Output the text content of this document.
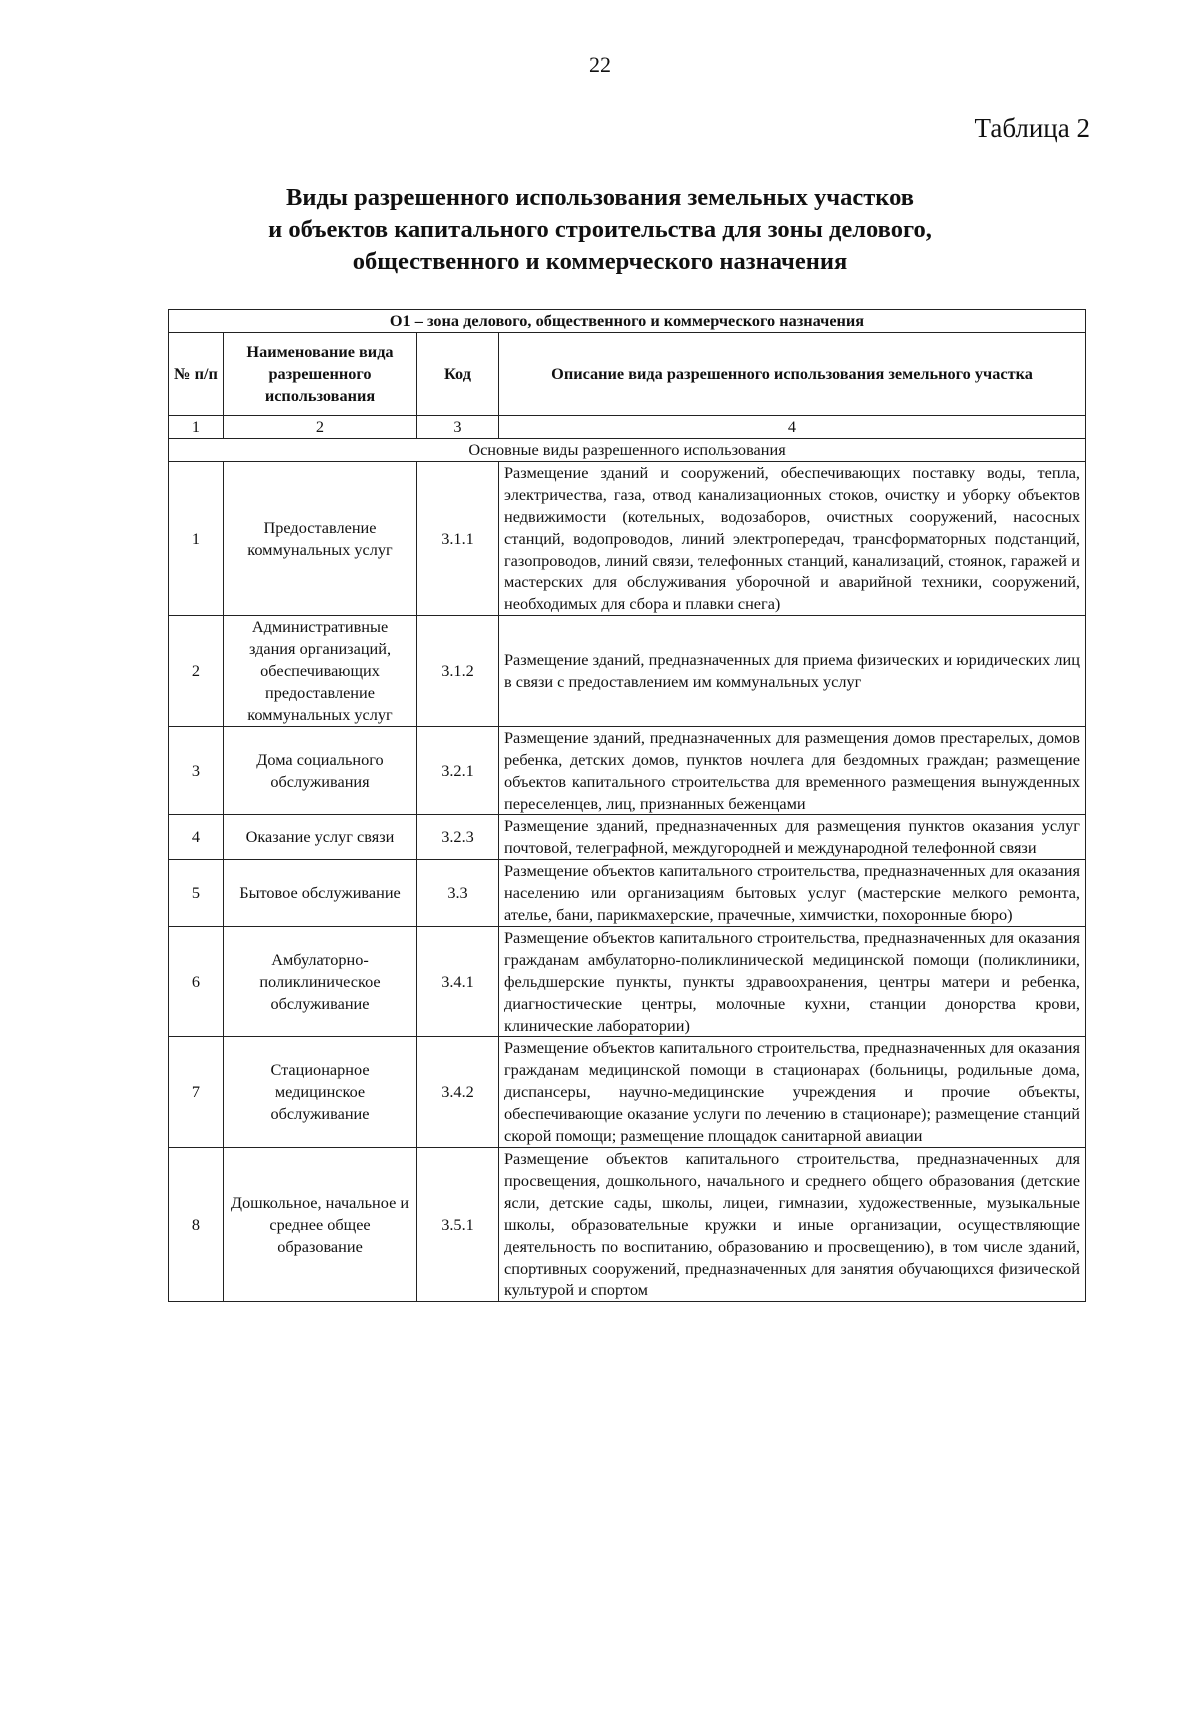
22
Таблица 2
Виды разрешенного использования земельных участков
и объектов капитального строительства для зоны делового,
общественного и коммерческого назначения
О1 – зона делового, общественного и коммерческого назначения			
№ п/п	Наименование вида разрешенного использования	Код	Описание вида разрешенного использования земельного участка
1	2	3	4
Основные виды разрешенного использования			
1	Предоставление коммунальных услуг	3.1.1	Размещение зданий и сооружений, обеспечивающих поставку воды, тепла, электричества, газа, отвод канализационных стоков, очистку и уборку объектов недвижимости (котельных, водозаборов, очистных сооружений, насосных станций, водопроводов, линий электропередач, трансформаторных подстанций, газопроводов, линий связи, телефонных станций, канализаций, стоянок, гаражей и мастерских для обслуживания уборочной и аварийной техники, сооружений, необходимых для сбора и плавки снега)
2	Административные здания организаций, обеспечивающих предоставление коммунальных услуг	3.1.2	Размещение зданий, предназначенных для приема физических и юридических лиц в связи с предоставлением им коммунальных услуг
3	Дома социального обслуживания	3.2.1	Размещение зданий, предназначенных для размещения домов престарелых, домов ребенка, детских домов, пунктов ночлега для бездомных граждан; размещение объектов капитального строительства для временного размещения вынужденных переселенцев, лиц, признанных беженцами
4	Оказание услуг связи	3.2.3	Размещение зданий, предназначенных для размещения пунктов оказания услуг почтовой, телеграфной, междугородней и международной телефонной связи
5	Бытовое обслуживание	3.3	Размещение объектов капитального строительства, предназначенных для оказания населению или организациям бытовых услуг (мастерские мелкого ремонта, ателье, бани, парикмахерские, прачечные, химчистки, похоронные бюро)
6	Амбулаторно-поликлиническое обслуживание	3.4.1	Размещение объектов капитального строительства, предназначенных для оказания гражданам амбулаторно-поликлинической медицинской помощи (поликлиники, фельдшерские пункты, пункты здравоохранения, центры матери и ребенка, диагностические центры, молочные кухни, станции донорства крови, клинические лаборатории)
7	Стационарное медицинское обслуживание	3.4.2	Размещение объектов капитального строительства, предназначенных для оказания гражданам медицинской помощи в стационарах (больницы, родильные дома, диспансеры, научно-медицинские учреждения и прочие объекты, обеспечивающие оказание услуги по лечению в стационаре); размещение станций скорой помощи; размещение площадок санитарной авиации
8	Дошкольное, начальное и среднее общее образование	3.5.1	Размещение объектов капитального строительства, предназначенных для просвещения, дошкольного, начального и среднего общего образования (детские ясли, детские сады, школы, лицеи, гимназии, художественные, музыкальные школы, образовательные кружки и иные организации, осуществляющие деятельность по воспитанию, образованию и просвещению), в том числе зданий, спортивных сооружений, предназначенных для занятия обучающихся физической культурой и спортом
